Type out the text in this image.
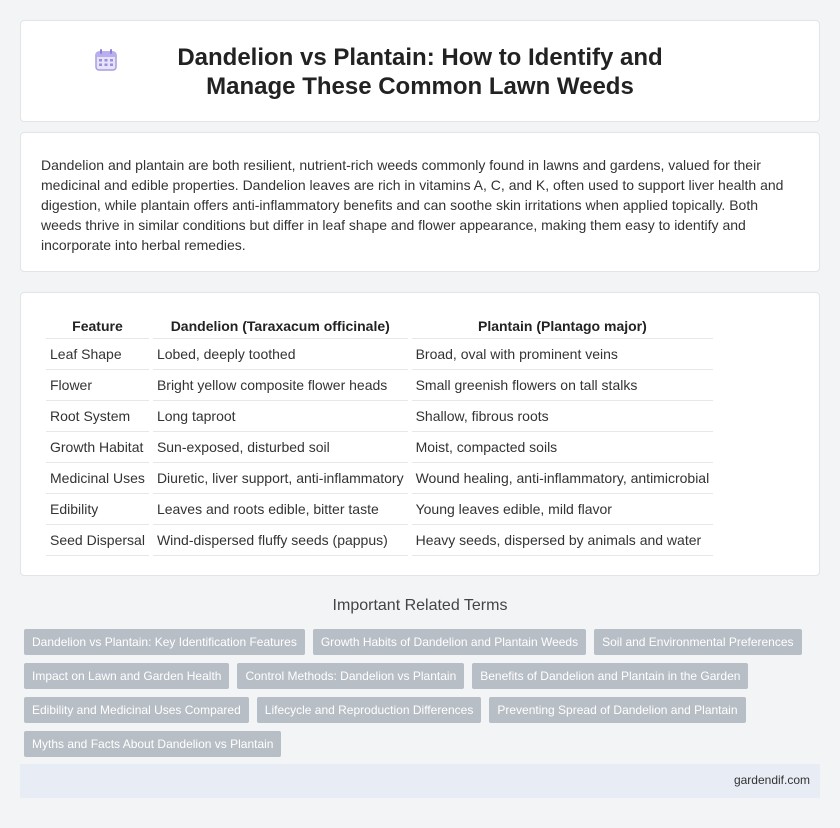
Dandelion vs Plantain: How to Identify and Manage These Common Lawn Weeds

Dandelion and plantain are both resilient, nutrient-rich weeds commonly found in lawns and gardens, valued for their medicinal and edible properties. Dandelion leaves are rich in vitamins A, C, and K, often used to support liver health and digestion, while plantain offers anti-inflammatory benefits and can soothe skin irritations when applied topically. Both weeds thrive in similar conditions but differ in leaf shape and flower appearance, making them easy to identify and incorporate into herbal remedies.

Feature	Dandelion (Taraxacum officinale)	Plantain (Plantago major)
Leaf Shape	Lobed, deeply toothed	Broad, oval with prominent veins
Flower	Bright yellow composite flower heads	Small greenish flowers on tall stalks
Root System	Long taproot	Shallow, fibrous roots
Growth Habitat	Sun-exposed, disturbed soil	Moist, compacted soils
Medicinal Uses	Diuretic, liver support, anti-inflammatory	Wound healing, anti-inflammatory, antimicrobial
Edibility	Leaves and roots edible, bitter taste	Young leaves edible, mild flavor
Seed Dispersal	Wind-dispersed fluffy seeds (pappus)	Heavy seeds, dispersed by animals and water
Important Related Terms
Dandelion vs Plantain: Key Identification Features	Growth Habits of Dandelion and Plantain Weeds	Soil and Environmental Preferences
Impact on Lawn and Garden Health	Control Methods: Dandelion vs Plantain	Benefits of Dandelion and Plantain in the Garden
Edibility and Medicinal Uses Compared	Lifecycle and Reproduction Differences	Preventing Spread of Dandelion and Plantain
Myths and Facts About Dandelion vs Plantain
gardendif.com
